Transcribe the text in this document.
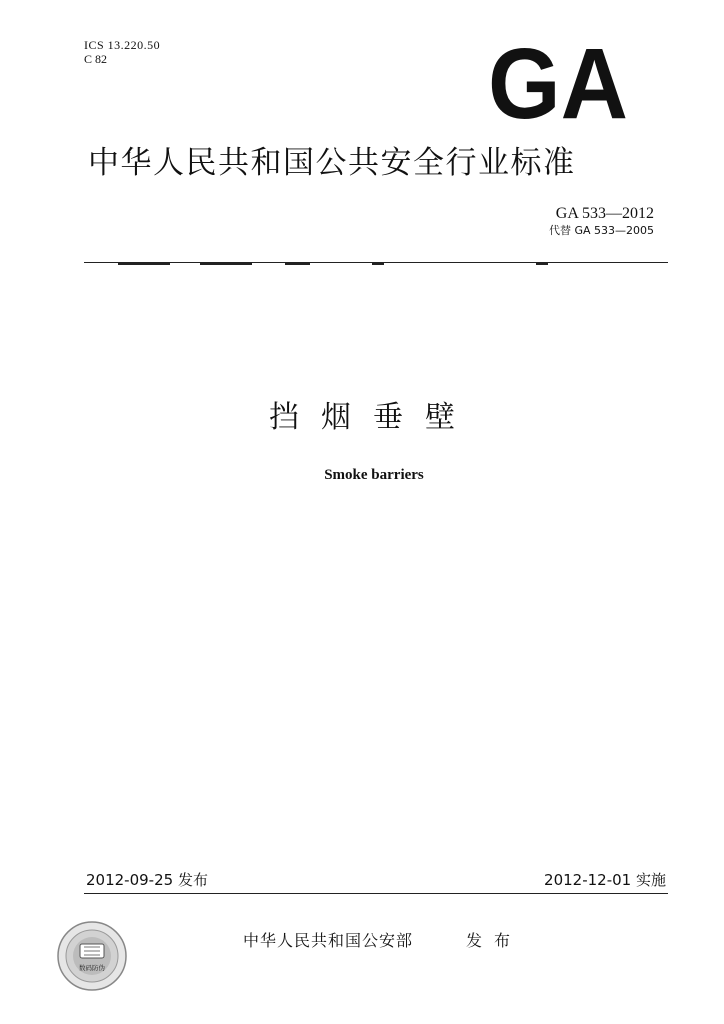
ICS 13.220.50
C 82	GA
中华人民共和国公共安全行业标准
GA 533—2012
代替 GA 533—2005
挡烟垂壁
Smoke barriers
2012-09-25 发布	2012-12-01 实施
数码防伪
中华人民共和国公安部	发布
